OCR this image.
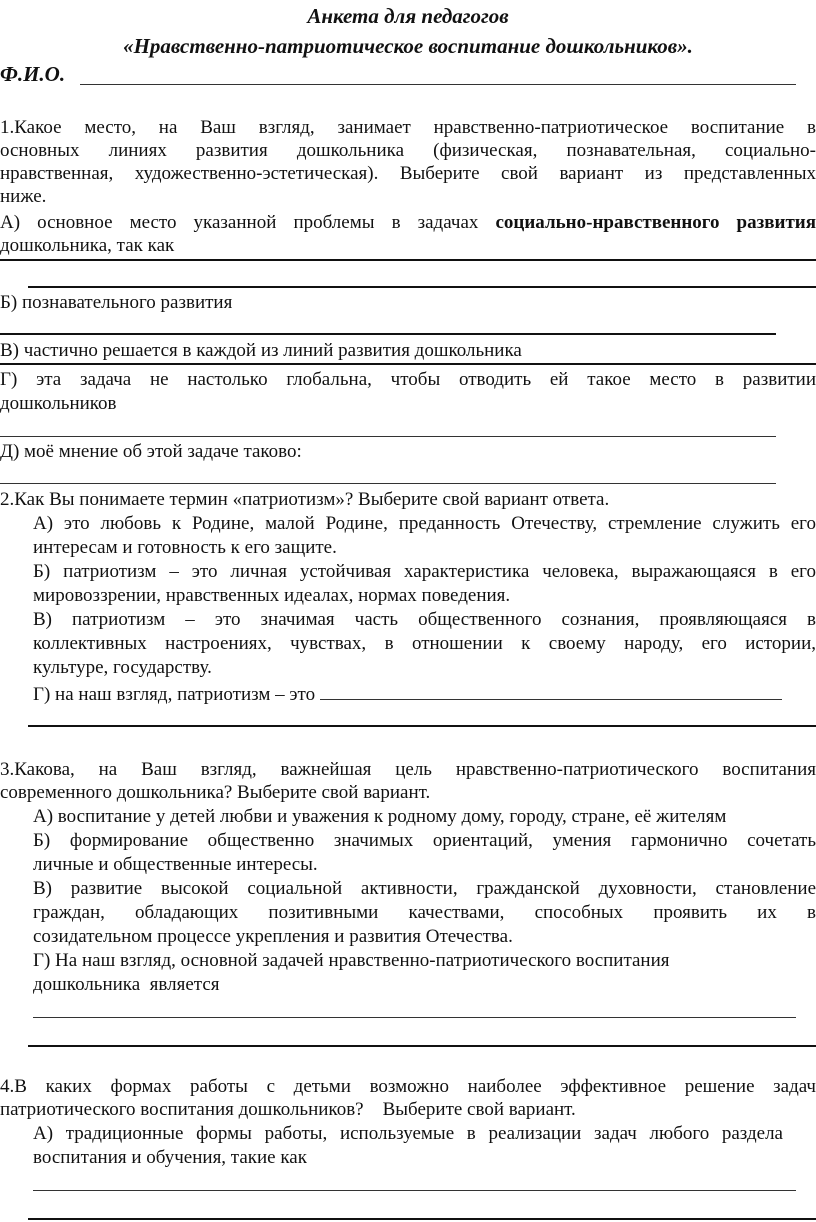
Анкета для педагогов

«Нравственно-патриотическое воспитание дошкольников».

Ф.И.О.

1.Какое место, на Ваш взгляд, занимает нравственно-патриотическое воспитание в

основных линиях развития дошкольника (физическая, познавательная, социально-

нравственная, художественно-эстетическая). Выберите свой вариант из представленных

ниже.

А) основное место указанной проблемы в задачах социально-нравственного развития

дошкольника, так как

Б) познавательного развития

В) частично решается в каждой из линий развития дошкольника

Г) эта задача не настолько глобальна, чтобы отводить ей такое место в развитии

дошкольников

Д) моё мнение об этой задаче таково:

2.Как Вы понимаете термин «патриотизм»? Выберите свой вариант ответа.

А) это любовь к Родине, малой Родине, преданность Отечеству, стремление служить его

интересам и готовность к его защите.

Б) патриотизм – это личная устойчивая характеристика человека, выражающаяся в его

мировоззрении, нравственных идеалах, нормах поведения.

В) патриотизм – это значимая часть общественного сознания, проявляющаяся в

коллективных настроениях, чувствах, в отношении к своему народу, его истории,

культуре, государству.

Г) на наш взгляд, патриотизм – это

3.Какова, на Ваш взгляд, важнейшая цель нравственно-патриотического воспитания

современного дошкольника? Выберите свой вариант.

А) воспитание у детей любви и уважения к родному дому, городу, стране, её жителям

Б) формирование общественно значимых ориентаций, умения гармонично сочетать

личные и общественные интересы.

В) развитие высокой социальной активности, гражданской духовности, становление

граждан, обладающих позитивными качествами, способных проявить их в

созидательном процессе укрепления и развития Отечества.

Г) На наш взгляд, основной задачей нравственно-патриотического воспитания

дошкольника  является

4.В каких формах работы с детьми возможно наиболее эффективное решение задач

патриотического воспитания дошкольников?    Выберите свой вариант.

А) традиционные формы работы, используемые в реализации задач любого раздела

воспитания и обучения, такие как
